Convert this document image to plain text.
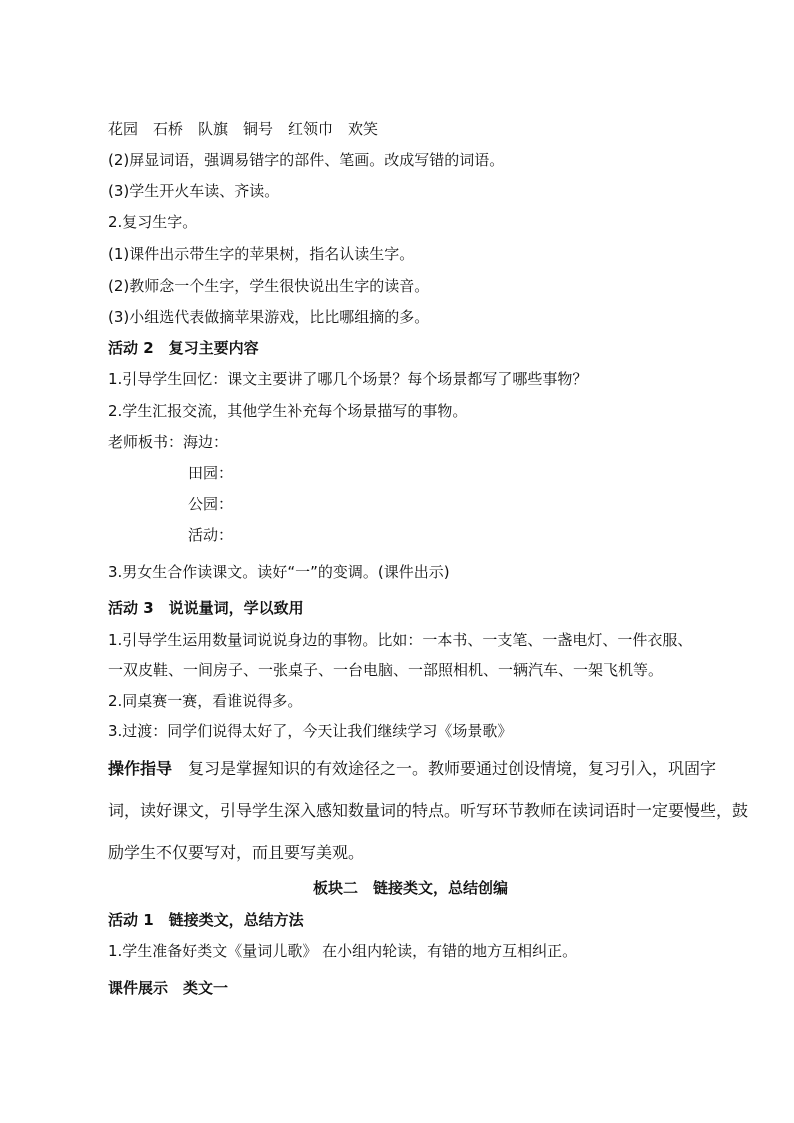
花园　石桥　队旗　铜号　红领巾　欢笑
(2)屏显词语，强调易错字的部件、笔画。改成写错的词语。
(3)学生开火车读、齐读。
2.复习生字。
(1)课件出示带生字的苹果树，指名认读生字。
(2)教师念一个生字，学生很快说出生字的读音。
(3)小组选代表做摘苹果游戏，比比哪组摘的多。
活动 2 复习主要内容
1.引导学生回忆：课文主要讲了哪几个场景？每个场景都写了哪些事物？
2.学生汇报交流，其他学生补充每个场景描写的事物。
老师板书：海边：
田园：
公园：
活动：
3.男女生合作读课文。读好“一”的变调。(课件出示)
活动 3 说说量词，学以致用
1.引导学生运用数量词说说身边的事物。比如：一本书、一支笔、一盏电灯、一件衣服、
一双皮鞋、一间房子、一张桌子、一台电脑、一部照相机、一辆汽车、一架飞机等。
2.同桌赛一赛，看谁说得多。
3.过渡：同学们说得太好了，今天让我们继续学习《场景歌》
操作指导 复习是掌握知识的有效途径之一。教师要通过创设情境，复习引入，巩固字
词，读好课文，引导学生深入感知数量词的特点。听写环节教师在读词语时一定要慢些，鼓
励学生不仅要写对，而且要写美观。
板块二 链接类文，总结创编
活动 1 链接类文，总结方法
1.学生准备好类文《量词儿歌》 在小组内轮读，有错的地方互相纠正。
课件展示 类文一
